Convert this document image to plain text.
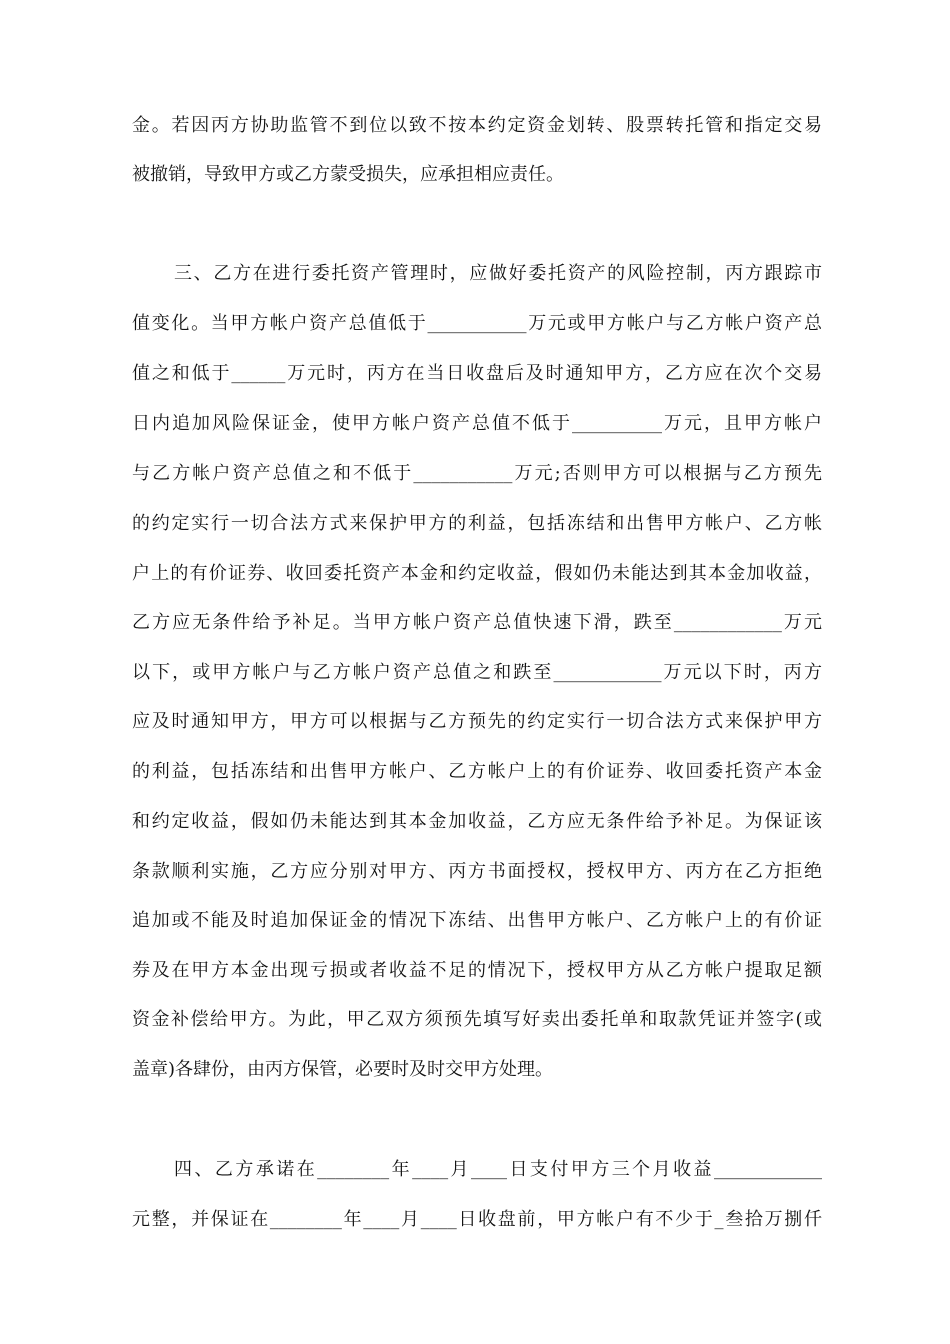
金。若因丙方协助监管不到位以致不按本约定资金划转、股票转托管和指定交易
被撤销，导致甲方或乙方蒙受损失，应承担相应责任。
三、乙方在进行委托资产管理时，应做好委托资产的风险控制，丙方跟踪市
值变化。当甲方帐户资产总值低于___________万元或甲方帐户与乙方帐户资产总
值之和低于______万元时，丙方在当日收盘后及时通知甲方，乙方应在次个交易
日内追加风险保证金，使甲方帐户资产总值不低于__________万元，且甲方帐户
与乙方帐户资产总值之和不低于___________万元;否则甲方可以根据与乙方预先
的约定实行一切合法方式来保护甲方的利益，包括冻结和出售甲方帐户、乙方帐
户上的有价证券、收回委托资产本金和约定收益，假如仍未能达到其本金加收益，
乙方应无条件给予补足。当甲方帐户资产总值快速下滑，跌至____________万元
以下，或甲方帐户与乙方帐户资产总值之和跌至____________万元以下时，丙方
应及时通知甲方，甲方可以根据与乙方预先的约定实行一切合法方式来保护甲方
的利益，包括冻结和出售甲方帐户、乙方帐户上的有价证券、收回委托资产本金
和约定收益，假如仍未能达到其本金加收益，乙方应无条件给予补足。为保证该
条款顺利实施，乙方应分别对甲方、丙方书面授权，授权甲方、丙方在乙方拒绝
追加或不能及时追加保证金的情况下冻结、出售甲方帐户、乙方帐户上的有价证
券及在甲方本金出现亏损或者收益不足的情况下，授权甲方从乙方帐户提取足额
资金补偿给甲方。为此，甲乙双方须预先填写好卖出委托单和取款凭证并签字(或
盖章)各肆份，由丙方保管，必要时及时交甲方处理。
四、乙方承诺在________年____月____日支付甲方三个月收益____________
元整，并保证在________年____月____日收盘前，甲方帐户有不少于_叁拾万捌仟
